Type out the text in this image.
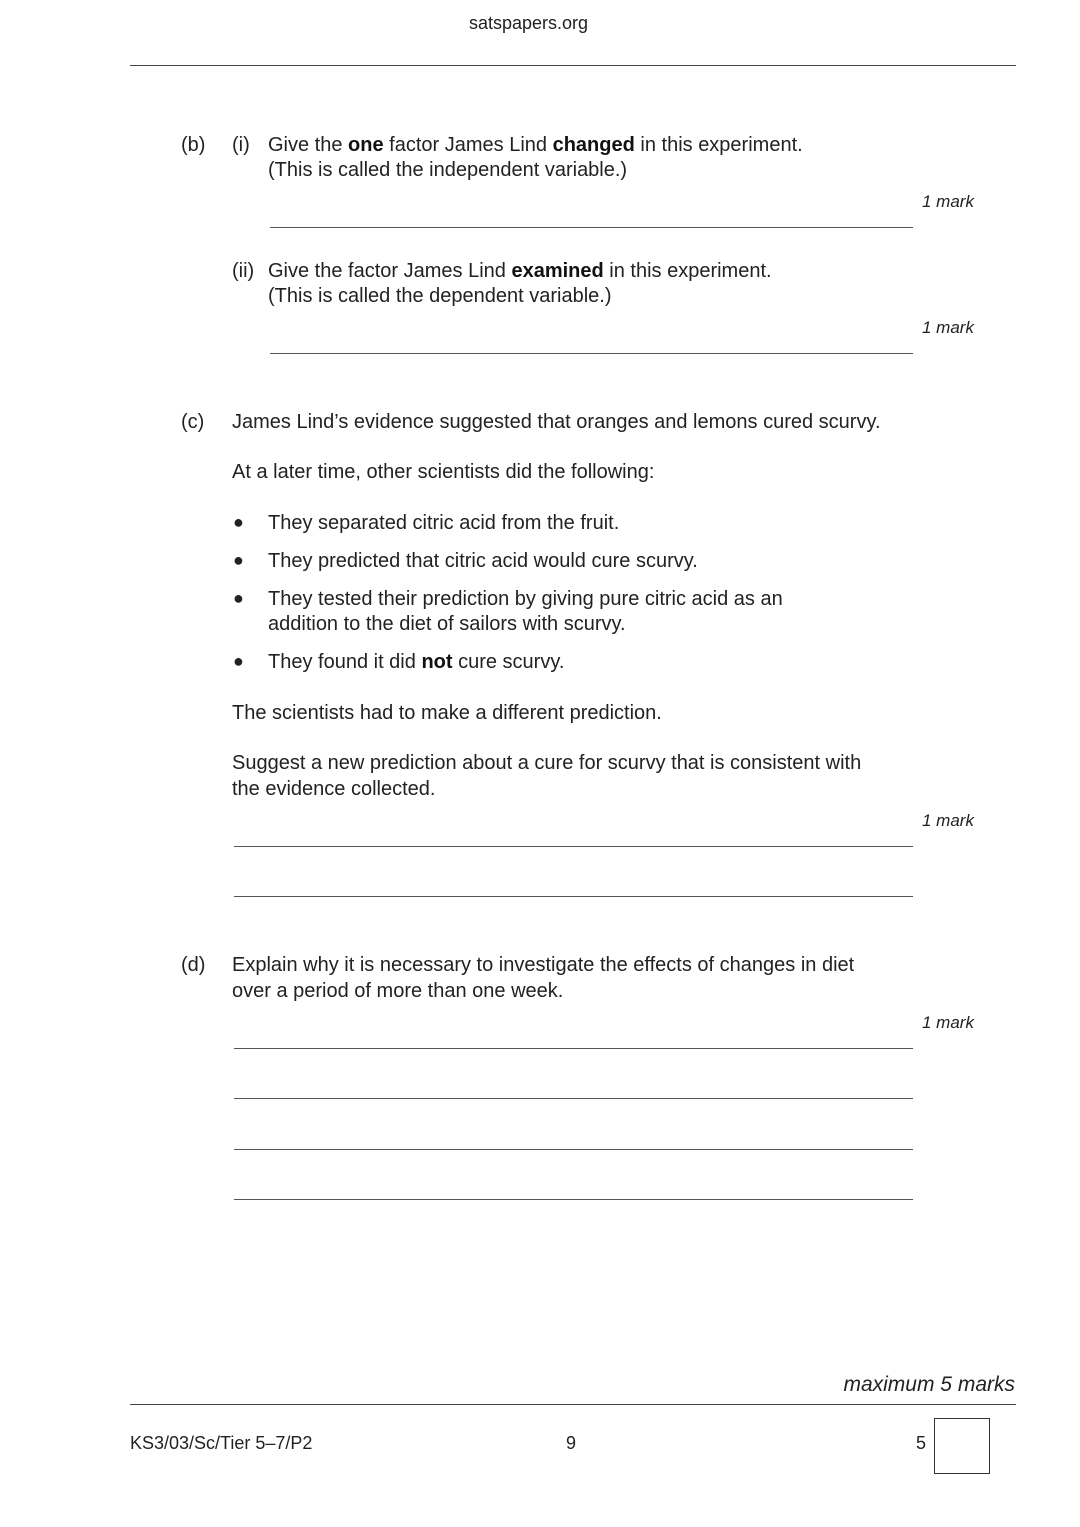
satspapers.org
(b) (i) Give the one factor James Lind changed in this experiment.
(This is called the independent variable.)
1 mark
(ii) Give the factor James Lind examined in this experiment.
(This is called the dependent variable.)
1 mark
(c) James Lind’s evidence suggested that oranges and lemons cured scurvy.
At a later time, other scientists did the following:
● They separated citric acid from the fruit.
● They predicted that citric acid would cure scurvy.
● They tested their prediction by giving pure citric acid as an
addition to the diet of sailors with scurvy.
● They found it did not cure scurvy.
The scientists had to make a different prediction.
Suggest a new prediction about a cure for scurvy that is consistent with
the evidence collected.
1 mark
(d) Explain why it is necessary to investigate the effects of changes in diet
over a period of more than one week.
1 mark
maximum 5 marks
KS3/03/Sc/Tier 5–7/P2	9	5
